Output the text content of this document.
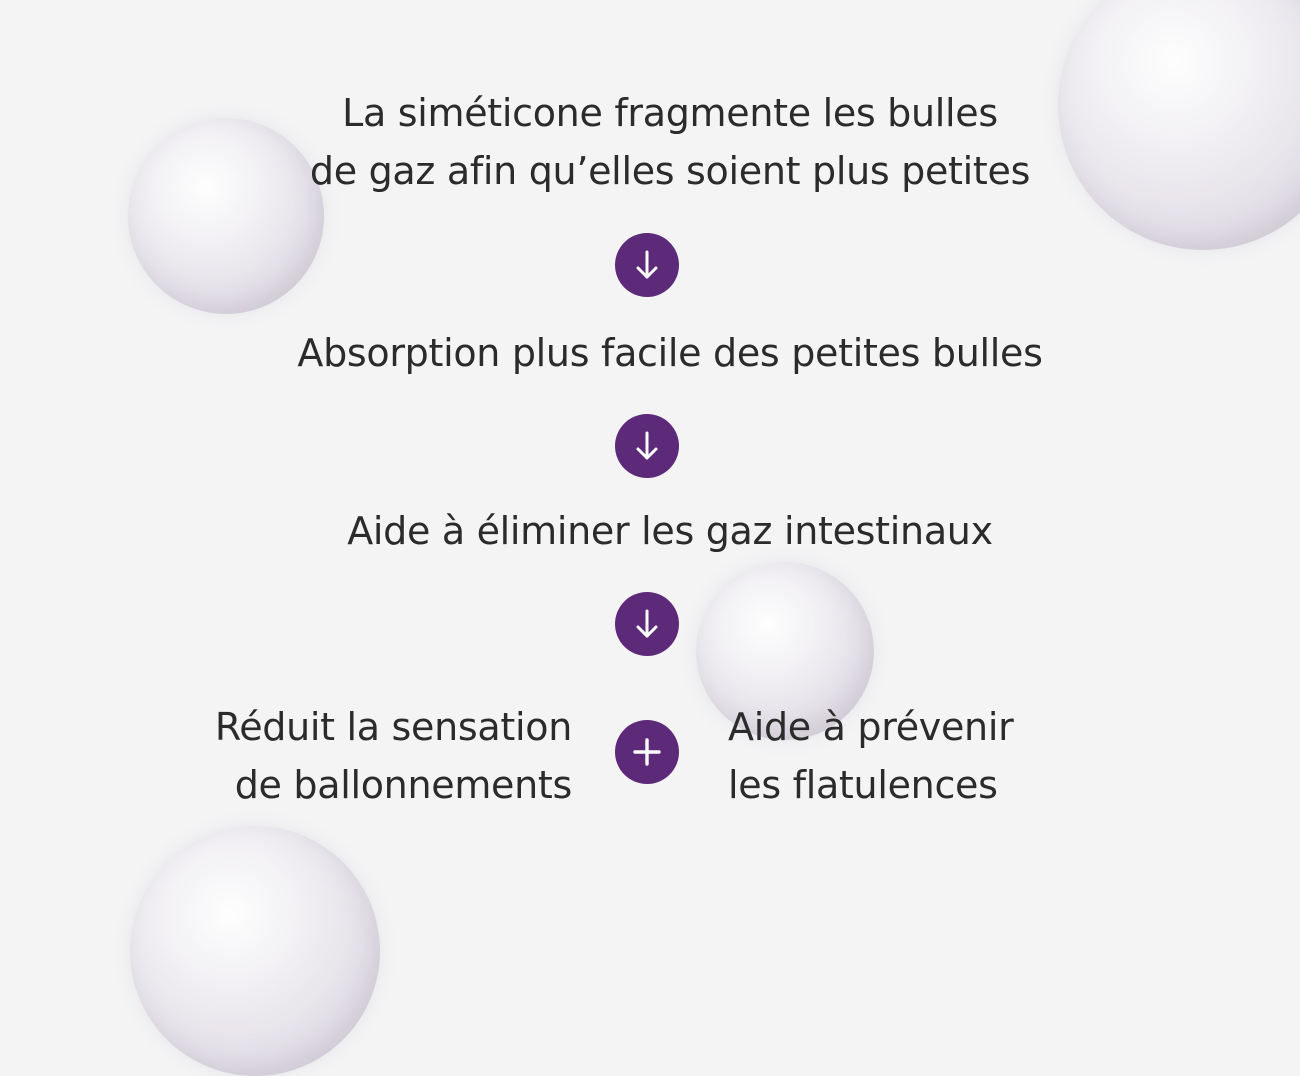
La siméticone fragmente les bulles
de gaz afin qu’elles soient plus petites
Absorption plus facile des petites bulles
Aide à éliminer les gaz intestinaux
Réduit la sensation
de ballonnements
Aide à prévenir
les flatulences
